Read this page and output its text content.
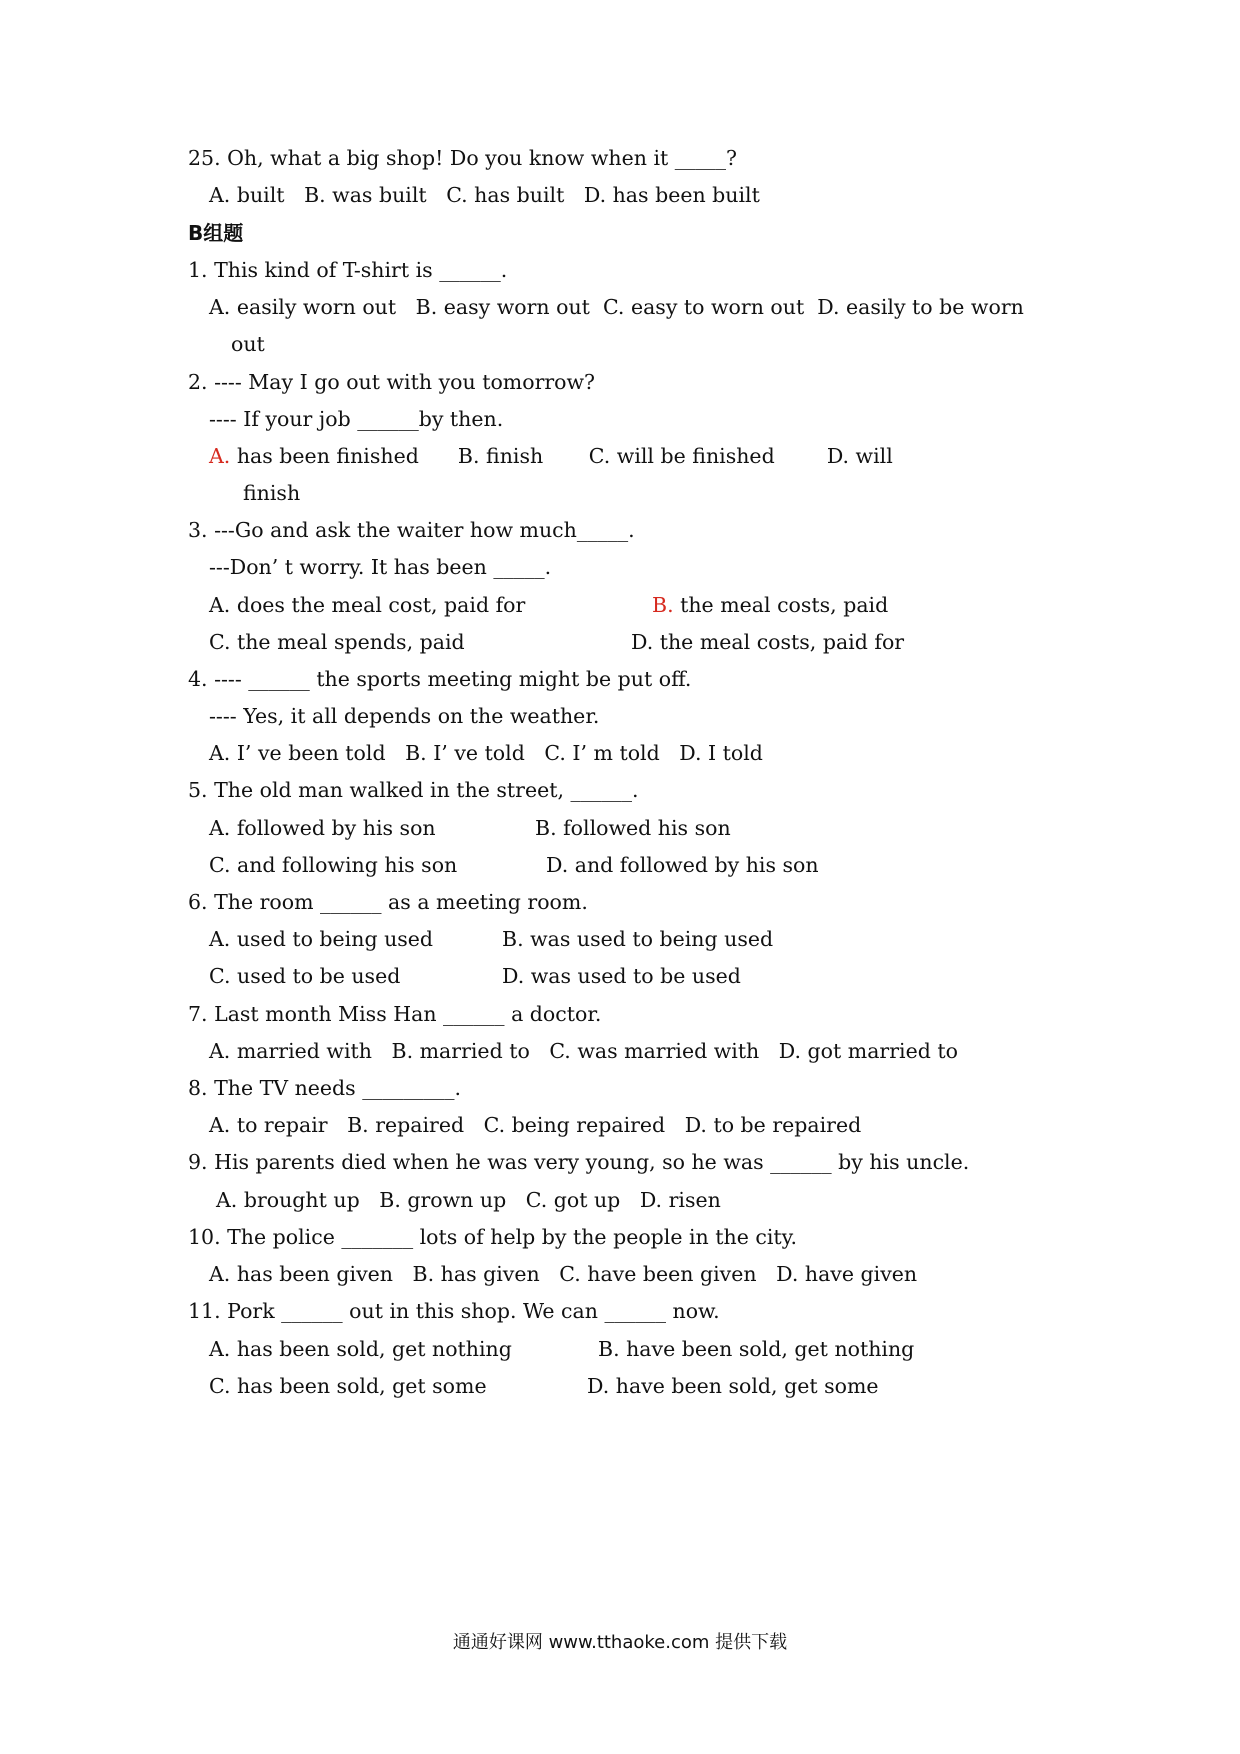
25. Oh, what a big shop! Do you know when it _____?
A. built   B. was built   C. has built   D. has been built
B组题
1. This kind of T-shirt is ______.
A. easily worn out   B. easy worn out  C. easy to worn out  D. easily to be worn
out
2. ---- May I go out with you tomorrow?
---- If your job ______by then.
A. has been finished      B. finish       C. will be finished        D. will
finish
3. ---Go and ask the waiter how much_____.
---Don’ t worry. It has been _____.
A. does the meal cost, paid for	B. the meal costs, paid
C. the meal spends, paid	D. the meal costs, paid for
4. ---- ______ the sports meeting might be put off.
---- Yes, it all depends on the weather.
A. I’ ve been told   B. I’ ve told   C. I’ m told   D. I told
5. The old man walked in the street, ______.
A. followed by his son	B. followed his son
C. and following his son	D. and followed by his son
6. The room ______ as a meeting room.
A. used to being used	B. was used to being used
C. used to be used	D. was used to be used
7. Last month Miss Han ______ a doctor.
A. married with   B. married to   C. was married with   D. got married to
8. The TV needs _________.
A. to repair   B. repaired   C. being repaired   D. to be repaired
9. His parents died when he was very young, so he was ______ by his uncle.
A. brought up   B. grown up   C. got up   D. risen
10. The police _______ lots of help by the people in the city.
A. has been given   B. has given   C. have been given   D. have given
11. Pork ______ out in this shop. We can ______ now.
A. has been sold, get nothing	B. have been sold, get nothing
C. has been sold, get some	D. have been sold, get some
通通好课网 www.tthaoke.com 提供下载
